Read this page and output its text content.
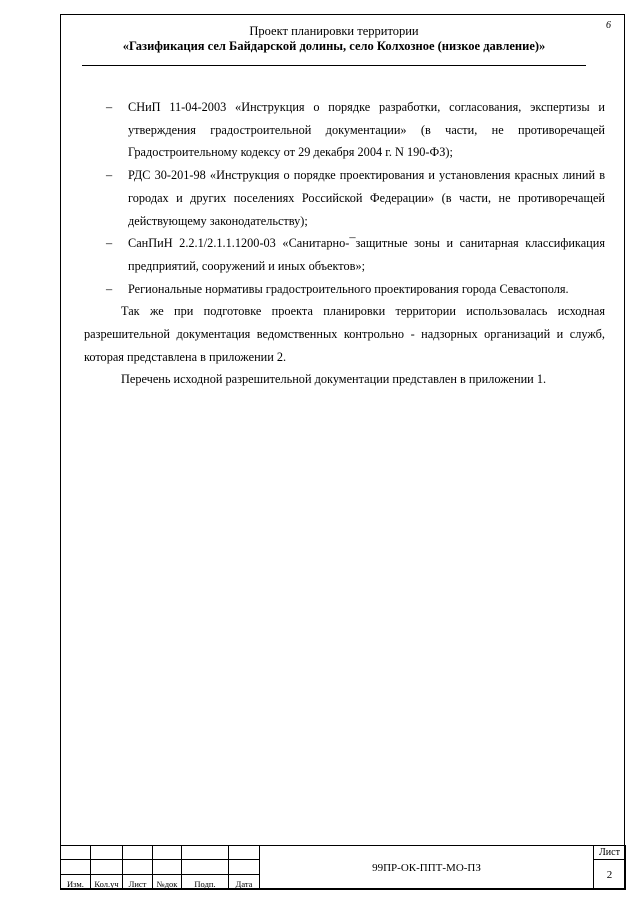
6
Проект планировки территории
«Газификация сел Байдарской долины, село Колхозное (низкое давление)»
– СНиП 11-04-2003 «Инструкция о порядке разработки, согласования, экспертизы и утверждения градостроительной документации» (в части, не противоречащей Градостроительному кодексу от 29 декабря 2004 г. N 190-ФЗ);
– РДС 30-201-98 «Инструкция о порядке проектирования и установления красных линий в городах и других поселениях Российской Федерации» (в части, не противоречащей действующему законодательству);
– СанПиН 2.2.1/2.1.1.1200-03 «Санитарно-¯защитные зоны и санитарная классификация предприятий, сооружений и иных объектов»;
– Региональные нормативы градостроительного проектирования города Севастополя.
Так же при подготовке проекта планировки территории использовалась исходная разрешительной документация ведомственных контрольно - надзорных организаций и служб, которая представлена в приложении 2.
Перечень исходной разрешительной документации представлен в приложении 1.
						99ПР-ОК-ППТ-МО-ПЗ	Лист
							2
Изм.	Кол.уч	Лист	№док	Подп.	Дата		
